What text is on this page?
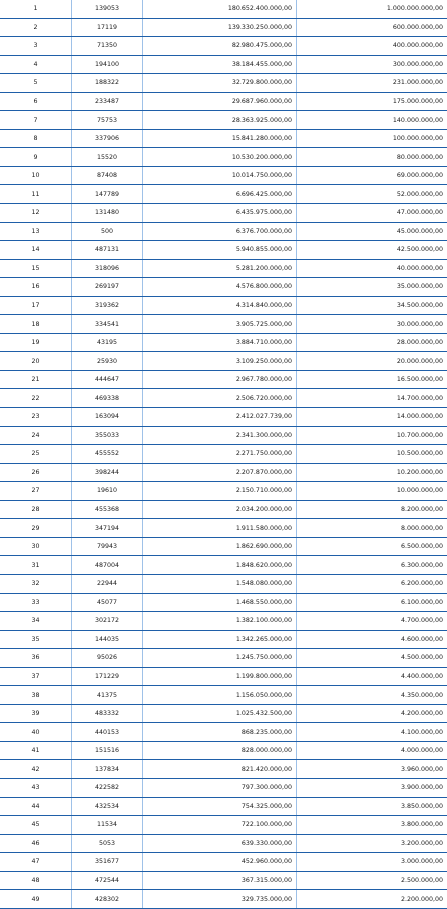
1	139053	180.652.400.000,00	1.000.000.000,00
2	17119	139.330.250.000,00	600.000.000,00
3	71350	82.980.475.000,00	400.000.000,00
4	194100	38.184.455.000,00	300.000.000,00
5	188322	32.729.800.000,00	231.000.000,00
6	233487	29.687.960.000,00	175.000.000,00
7	75753	28.363.925.000,00	140.000.000,00
8	337906	15.841.280.000,00	100.000.000,00
9	15520	10.530.200.000,00	80.000.000,00
10	87408	10.014.750.000,00	69.000.000,00
11	147789	6.696.425.000,00	52.000.000,00
12	131480	6.435.975.000,00	47.000.000,00
13	500	6.376.700.000,00	45.000.000,00
14	487131	5.940.855.000,00	42.500.000,00
15	318096	5.281.200.000,00	40.000.000,00
16	269197	4.576.800.000,00	35.000.000,00
17	319362	4.314.840.000,00	34.500.000,00
18	334541	3.905.725.000,00	30.000.000,00
19	43195	3.884.710.000,00	28.000.000,00
20	25930	3.109.250.000,00	20.000.000,00
21	444647	2.967.780.000,00	16.500.000,00
22	469338	2.506.720.000,00	14.700.000,00
23	163094	2.412.027.739,00	14.000.000,00
24	355033	2.341.300.000,00	10.700.000,00
25	455552	2.271.750.000,00	10.500.000,00
26	398244	2.207.870.000,00	10.200.000,00
27	19610	2.150.710.000,00	10.000.000,00
28	455368	2.034.200.000,00	8.200.000,00
29	347194	1.911.580.000,00	8.000.000,00
30	79943	1.862.690.000,00	6.500.000,00
31	487004	1.848.620.000,00	6.300.000,00
32	22944	1.548.080.000,00	6.200.000,00
33	45077	1.468.550.000,00	6.100.000,00
34	302172	1.382.100.000,00	4.700.000,00
35	144035	1.342.265.000,00	4.600.000,00
36	95026	1.245.750.000,00	4.500.000,00
37	171229	1.199.800.000,00	4.400.000,00
38	41375	1.156.050.000,00	4.350.000,00
39	483332	1.025.432.500,00	4.200.000,00
40	440153	868.235.000,00	4.100.000,00
41	151516	828.000.000,00	4.000.000,00
42	137834	821.420.000,00	3.960.000,00
43	422582	797.300.000,00	3.900.000,00
44	432534	754.325.000,00	3.850.000,00
45	11534	722.100.000,00	3.800.000,00
46	5053	639.330.000,00	3.200.000,00
47	351677	452.960.000,00	3.000.000,00
48	472544	367.315.000,00	2.500.000,00
49	428302	329.735.000,00	2.200.000,00
